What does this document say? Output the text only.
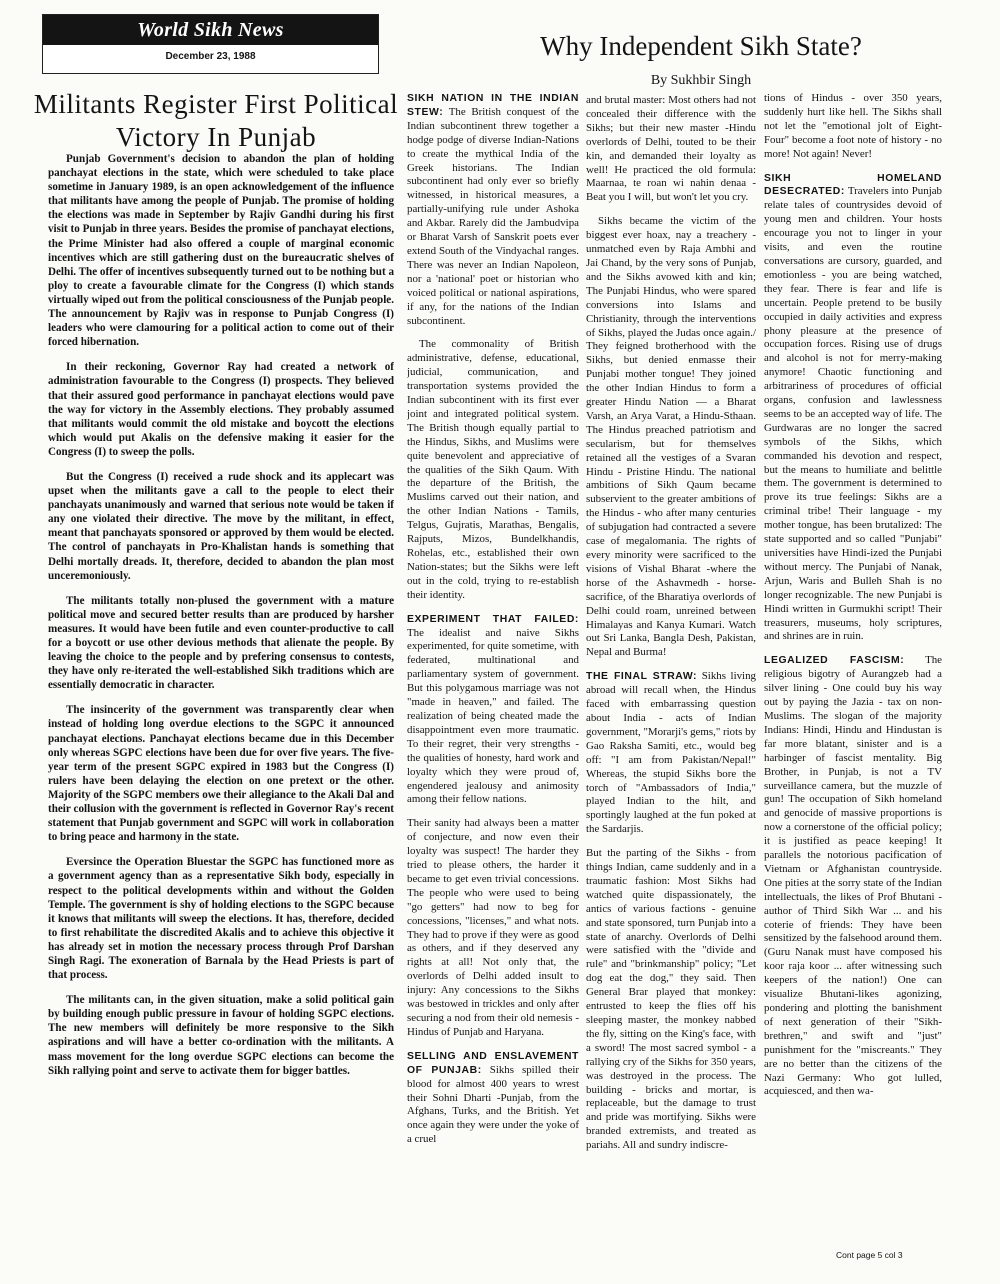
World Sikh News
December 23, 1988
Militants Register First Political Victory In Punjab

Punjab Government's decision to abandon the plan of holding panchayat elections in the state, which were scheduled to take place sometime in January 1989, is an open acknowledgement of the influence that militants have among the people of Punjab. The promise of holding the elections was made in September by Rajiv Gandhi during his first visit to Punjab in three years. Besides the promise of panchayat elections, the Prime Minister had also offered a couple of marginal economic incentives which are still gathering dust on the bureaucratic shelves of Delhi. The offer of incentives subsequently turned out to be nothing but a ploy to create a favourable climate for the Congress (I) which stands virtually wiped out from the political consciousness of the Punjab people. The announcement by Rajiv was in response to Punjab Congress (I) leaders who were clamouring for a political action to come out of their forced hibernation.

In their reckoning, Governor Ray had created a network of administration favourable to the Congress (I) prospects. They believed that their assured good performance in panchayat elections would pave the way for victory in the Assembly elections. They probably assumed that militants would commit the old mistake and boycott the elections which would put Akalis on the defensive making it easier for the Congress (I) to sweep the polls.

But the Congress (I) received a rude shock and its applecart was upset when the militants gave a call to the people to elect their panchayats unanimously and warned that serious note would be taken if any one violated their directive. The move by the militant, in effect, meant that panchayats sponsored or approved by them would be elected. The control of panchayats in Pro-Khalistan hands is something that Delhi mortally dreads. It, therefore, decided to abandon the plan most unceremoniously.

The militants totally non-plused the government with a mature political move and secured better results than are produced by harsher measures. It would have been futile and even counter-productive to call for a boycott or use other devious methods that alienate the people. By leaving the choice to the people and by prefering consensus to contests, they have only re-iterated the well-established Sikh traditions which are essentially democratic in character.

The insincerity of the government was transparently clear when instead of holding long overdue elections to the SGPC it announced panchayat elections. Panchayat elections became due in this December only whereas SGPC elections have been due for over five years. The five-year term of the present SGPC expired in 1983 but the Congress (I) rulers have been delaying the election on one pretext or the other. Majority of the SGPC members owe their allegiance to the Akali Dal and their collusion with the government is reflected in Governor Ray's recent statement that Punjab government and SGPC will work in collaboration to bring peace and harmony in the state.

Eversince the Operation Bluestar the SGPC has functioned more as a government agency than as a representative Sikh body, especially in respect to the political developments within and without the Golden Temple. The government is shy of holding elections to the SGPC because it knows that militants will sweep the elections. It has, therefore, decided to first rehabilitate the discredited Akalis and to achieve this objective it has already set in motion the necessary process through Prof Darshan Singh Ragi. The exoneration of Barnala by the Head Priests is part of that process.

The militants can, in the given situation, make a solid political gain by building enough public pressure in favour of holding SGPC elections. The new members will definitely be more responsive to the Sikh aspirations and will have a better co-ordination with the militants. A mass movement for the long overdue SGPC elections can become the Sikh rallying point and serve to activate them for bigger battles.

Why Independent Sikh State?
By Sukhbir Singh

SIKH NATION IN THE INDIAN STEW: The British conquest of the Indian subcontinent threw together a hodge podge of diverse Indian-Nations to create the mythical India of the Greek historians. The Indian subcontinent had only ever so briefly witnessed, in historical measures, a partially-unifying rule under Ashoka and Akbar. Rarely did the Jambudvipa or Bharat Varsh of Sanskrit poets ever extend South of the Vindyachal ranges. There was never an Indian Napoleon, nor a 'national' poet or historian who voiced political or national aspirations, if any, for the nations of the Indian subcontinent.

The commonality of British administrative, defense, educational, judicial, communication, and transportation systems provided the Indian subcontinent with its first ever joint and integrated political system. The British though equally partial to the Hindus, Sikhs, and Muslims were quite benevolent and appreciative of the qualities of the Sikh Qaum. With the departure of the British, the Muslims carved out their nation, and the other Indian Nations - Tamils, Telgus, Gujratis, Marathas, Bengalis, Rajputs, Mizos, Bundelkhandis, Rohelas, etc., established their own Nation-states; but the Sikhs were left out in the cold, trying to re-establish their identity.

EXPERIMENT THAT FAILED: The idealist and naive Sikhs experimented, for quite sometime, with federated, multinational and parliamentary system of government. But this polygamous marriage was not "made in heaven," and failed. The realization of being cheated made the disappointment even more traumatic. To their regret, their very strengths - the qualities of honesty, hard work and loyalty which they were proud of, engendered jealousy and animosity among their fellow nations.

Their sanity had always been a matter of conjecture, and now even their loyalty was suspect! The harder they tried to please others, the harder it became to get even trivial concessions. The people who were used to being "go getters" had now to beg for concessions, "licenses," and what nots. They had to prove if they were as good as others, and if they deserved any rights at all! Not only that, the overlords of Delhi added insult to injury: Any concessions to the Sikhs was bestowed in trickles and only after securing a nod from their old nemesis - Hindus of Punjab and Haryana.

SELLING AND ENSLAVEMENT OF PUNJAB: Sikhs spilled their blood for almost 400 years to wrest their Sohni Dharti -Punjab, from the Afghans, Turks, and the British. Yet once again they were under the yoke of a cruel

and brutal master: Most others had not concealed their difference with the Sikhs; but their new master -Hindu overlords of Delhi, touted to be their kin, and demanded their loyalty as well! He practiced the old formula: Maarnaa, te roan wi nahin denaa - Beat you I will, but won't let you cry.

Sikhs became the victim of the biggest ever hoax, nay a treachery -unmatched even by Raja Ambhi and Jai Chand, by the very sons of Punjab, and the Sikhs avowed kith and kin; The Punjabi Hindus, who were spared conversions into Islams and Christianity, through the interventions of Sikhs, played the Judas once again./ They feigned brotherhood with the Sikhs, but denied enmasse their Punjabi mother tongue! They joined the other Indian Hindus to form a greater Hindu Nation — a Bharat Varsh, an Arya Varat, a Hindu-Sthaan. The Hindus preached patriotism and secularism, but for themselves retained all the vestiges of a Svaran Hindu - Pristine Hindu. The national ambitions of Sikh Qaum became subservient to the greater ambitions of the Hindus - who after many centuries of subjugation had contracted a severe case of megalomania. The rights of every minority were sacrificed to the visions of Vishal Bharat -where the horse of the Ashavmedh - horse-sacrifice, of the Bharatiya overlords of Delhi could roam, unreined between Himalayas and Kanya Kumari. Watch out Sri Lanka, Bangla Desh, Pakistan, Nepal and Burma!

THE FINAL STRAW: Sikhs living abroad will recall when, the Hindus faced with embarrassing question about India - acts of Indian government, "Morarji's gems," riots by Gao Raksha Samiti, etc., would beg off: "I am from Pakistan/Nepal!" Whereas, the stupid Sikhs bore the torch of "Ambassadors of India," played Indian to the hilt, and sportingly laughed at the fun poked at the Sardarjis.

But the parting of the Sikhs - from things Indian, came suddenly and in a traumatic fashion: Most Sikhs had watched quite dispassionately, the antics of various factions - genuine and state sponsored, turn Punjab into a state of anarchy. Overlords of Delhi were satisfied with the "divide and rule" and "brinkmanship" policy; "Let dog eat the dog," they said. Then General Brar played that monkey: entrusted to keep the flies off his sleeping master, the monkey nabbed the fly, sitting on the King's face, with a sword! The most sacred symbol - a rallying cry of the Sikhs for 350 years, was destroyed in the process. The building - bricks and mortar, is replaceable, but the damage to trust and pride was mortifying. Sikhs were branded extremists, and treated as pariahs. All and sundry indiscre-

tions of Hindus - over 350 years, suddenly hurt like hell. The Sikhs shall not let the "emotional jolt of Eight-Four" become a foot note of history - no more! Not again! Never!

SIKH HOMELAND DESECRATED: Travelers into Punjab relate tales of countrysides devoid of young men and children. Your hosts encourage you not to linger in your visits, and even the routine conversations are cursory, guarded, and emotionless - you are being watched, they fear. There is fear and life is uncertain. People pretend to be busily occupied in daily activities and express phony pleasure at the presence of occupation forces. Rising use of drugs and alcohol is not for merry-making anymore! Chaotic functioning and arbitrariness of procedures of official organs, confusion and lawlessness seems to be an accepted way of life. The Gurdwaras are no longer the sacred symbols of the Sikhs, which commanded his devotion and respect, but the means to humiliate and belittle them. The government is determined to prove its true feelings: Sikhs are a criminal tribe! Their language - my mother tongue, has been brutalized: The state supported and so called "Punjabi" universities have Hindi-ized the Punjabi without mercy. The Punjabi of Nanak, Arjun, Waris and Bulleh Shah is no longer recognizable. The new Punjabi is Hindi written in Gurmukhi script! Their treasurers, museums, holy scriptures, and shrines are in ruin.

LEGALIZED FASCISM: The religious bigotry of Aurangzeb had a silver lining - One could buy his way out by paying the Jazia - tax on non-Muslims. The slogan of the majority Indians: Hindi, Hindu and Hindustan is far more blatant, sinister and is a harbinger of fascist mentality. Big Brother, in Punjab, is not a TV surveillance camera, but the muzzle of gun! The occupation of Sikh homeland and genocide of massive proportions is now a cornerstone of the official policy; it is justified as peace keeping! It parallels the notorious pacification of Vietnam or Afghanistan countryside. One pities at the sorry state of the Indian intellectuals, the likes of Prof Bhutani - author of Third Sikh War ... and his coterie of friends: They have been sensitized by the falsehood around them. (Guru Nanak must have composed his koor raja koor ... after witnessing such keepers of the nation!) One can visualize Bhutani-likes agonizing, pondering and plotting the banishment of next generation of their "Sikh-brethren," and swift and "just" punishment for the "miscreants." They are no better than the citizens of the Nazi Germany: Who got lulled, acquiesced, and then wa-

Cont page 5 col 3
